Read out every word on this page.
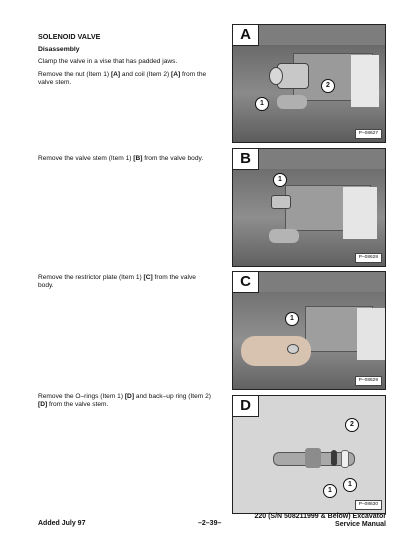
SOLENOID VALVE
Disassembly
Clamp the valve in a vise that has padded jaws.
Remove the nut (Item 1) [A] and coil (Item 2) [A] from the valve stem.
Remove the valve stem (Item 1) [B] from the valve body.
Remove the restrictor plate (Item 1) [C] from the valve body.
Remove the O–rings (Item 1) [D] and back–up ring (Item 2) [D] from the valve stem.
1
2
A
P–08627
1
B
P–08628
1
C
P–08629
2
1
1
D
P–08630
Added July 97	–2–39–
220 (S/N 508211999 & Below) Excavator
Service Manual
